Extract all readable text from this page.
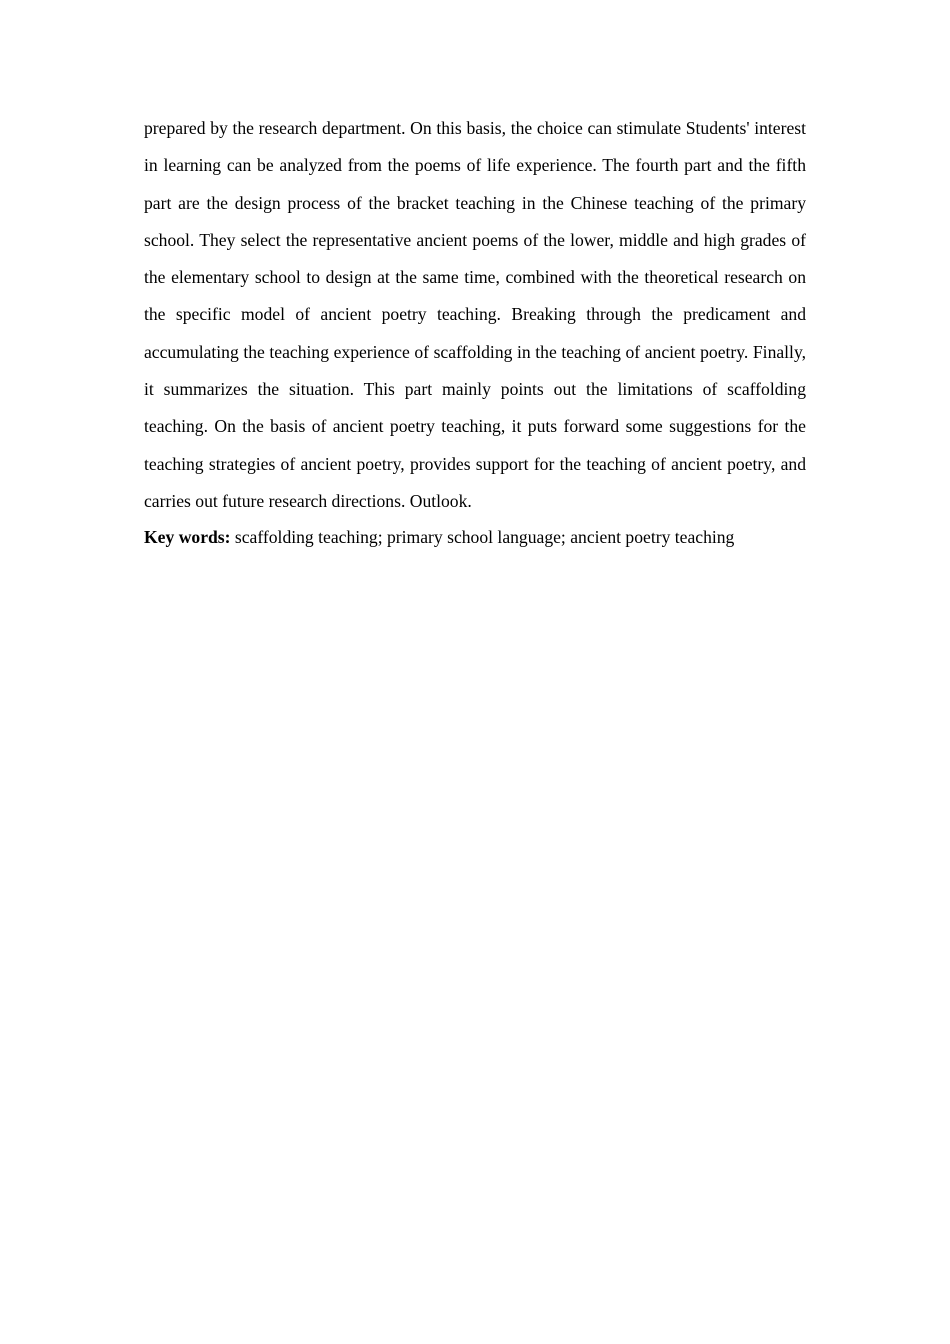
prepared by the research department. On this basis, the choice can stimulate Students' interest in learning can be analyzed from the poems of life experience. The fourth part and the fifth part are the design process of the bracket teaching in the Chinese teaching of the primary school. They select the representative ancient poems of the lower, middle and high grades of the elementary school to design at the same time, combined with the theoretical research on the specific model of ancient poetry teaching. Breaking through the predicament and accumulating the teaching experience of scaffolding in the teaching of ancient poetry. Finally, it summarizes the situation. This part mainly points out the limitations of scaffolding teaching. On the basis of ancient poetry teaching, it puts forward some suggestions for the teaching strategies of ancient poetry, provides support for the teaching of ancient poetry, and carries out future research directions. Outlook.

Key words: scaffolding teaching; primary school language; ancient poetry teaching
